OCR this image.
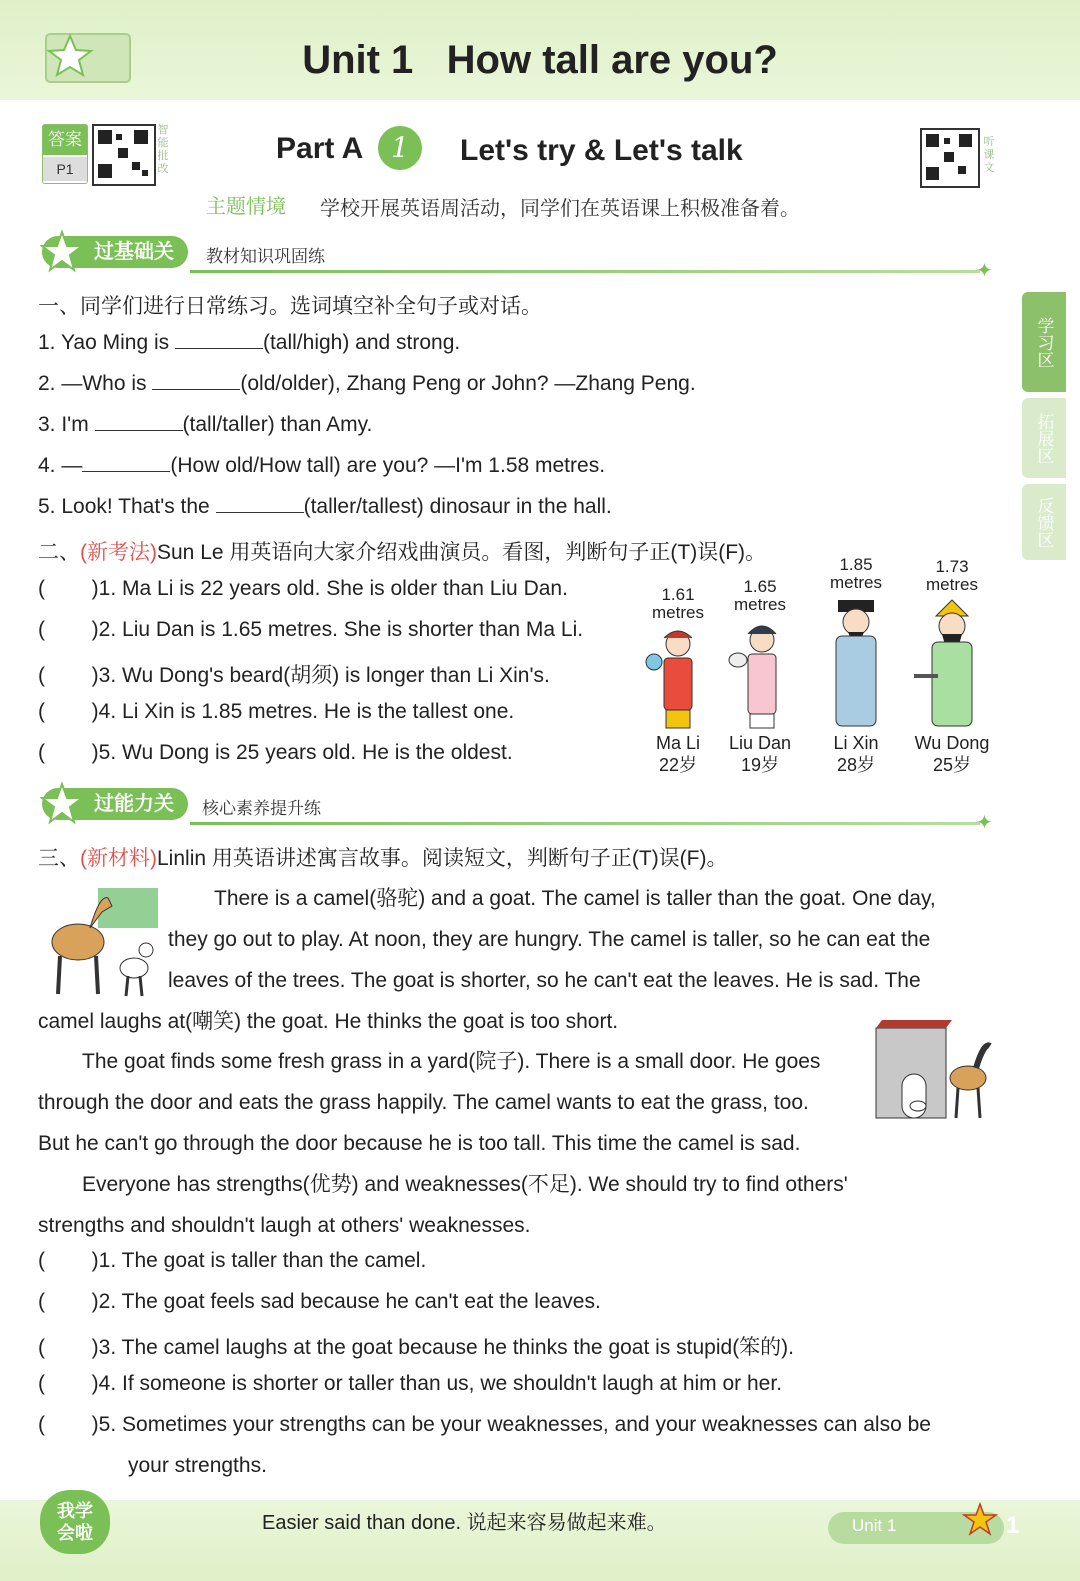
Unit 1   How tall are you?
答案
P1
智能批改
Part A 1	Let's try & Let's talk	听课文
主题情境 学校开展英语周活动，同学们在英语课上积极准备着。
过基础关	教材知识巩固练
✦
学习区
拓展区
反馈区
一、同学们进行日常练习。选词填空补全句子或对话。
1. Yao Ming is	(tall/high) and strong.
2. —Who is	(old/older), Zhang Peng or John? —Zhang Peng.
3. I'm	(tall/taller) than Amy.
4. —	(How old/How tall) are you? —I'm 1.58 metres.
5. Look! That's the	(taller/tallest) dinosaur in the hall.
二、(新考法)Sun Le 用英语向大家介绍戏曲演员。看图，判断句子正(T)误(F)。
(        )1. Ma Li is 22 years old. She is older than Liu Dan.
(        )2. Liu Dan is 1.65 metres. She is shorter than Ma Li.
(        )3. Wu Dong's beard(胡须) is longer than Li Xin's.
(        )4. Li Xin is 1.85 metres. He is the tallest one.
(        )5. Wu Dong is 25 years old. He is the oldest.
1.61
metres
Ma Li
22岁
1.65
metres
Liu Dan
19岁
1.85
metres
Li Xin
28岁
1.73
metres
Wu Dong
25岁
过能力关	核心素养提升练
✦
三、(新材料)Linlin 用英语讲述寓言故事。阅读短文，判断句子正(T)误(F)。
There is a camel(骆驼) and a goat. The camel is taller than the goat. One day,
they go out to play. At noon, they are hungry. The camel is taller, so he can eat the
leaves of the trees. The goat is shorter, so he can't eat the leaves. He is sad. The
camel laughs at(嘲笑) the goat. He thinks the goat is too short.
The goat finds some fresh grass in a yard(院子). There is a small door. He goes
through the door and eats the grass happily. The camel wants to eat the grass, too.
But he can't go through the door because he is too tall. This time the camel is sad.
Everyone has strengths(优势) and weaknesses(不足). We should try to find others'
strengths and shouldn't laugh at others' weaknesses.
(        )1. The goat is taller than the camel.
(        )2. The goat feels sad because he can't eat the leaves.
(        )3. The camel laughs at the goat because he thinks the goat is stupid(笨的).
(        )4. If someone is shorter or taller than us, we shouldn't laugh at him or her.
(        )5. Sometimes your strengths can be your weaknesses, and your weaknesses can also be
your strengths.
我学会啦	Easier said than done. 说起来容易做起来难。	Unit 1	1
